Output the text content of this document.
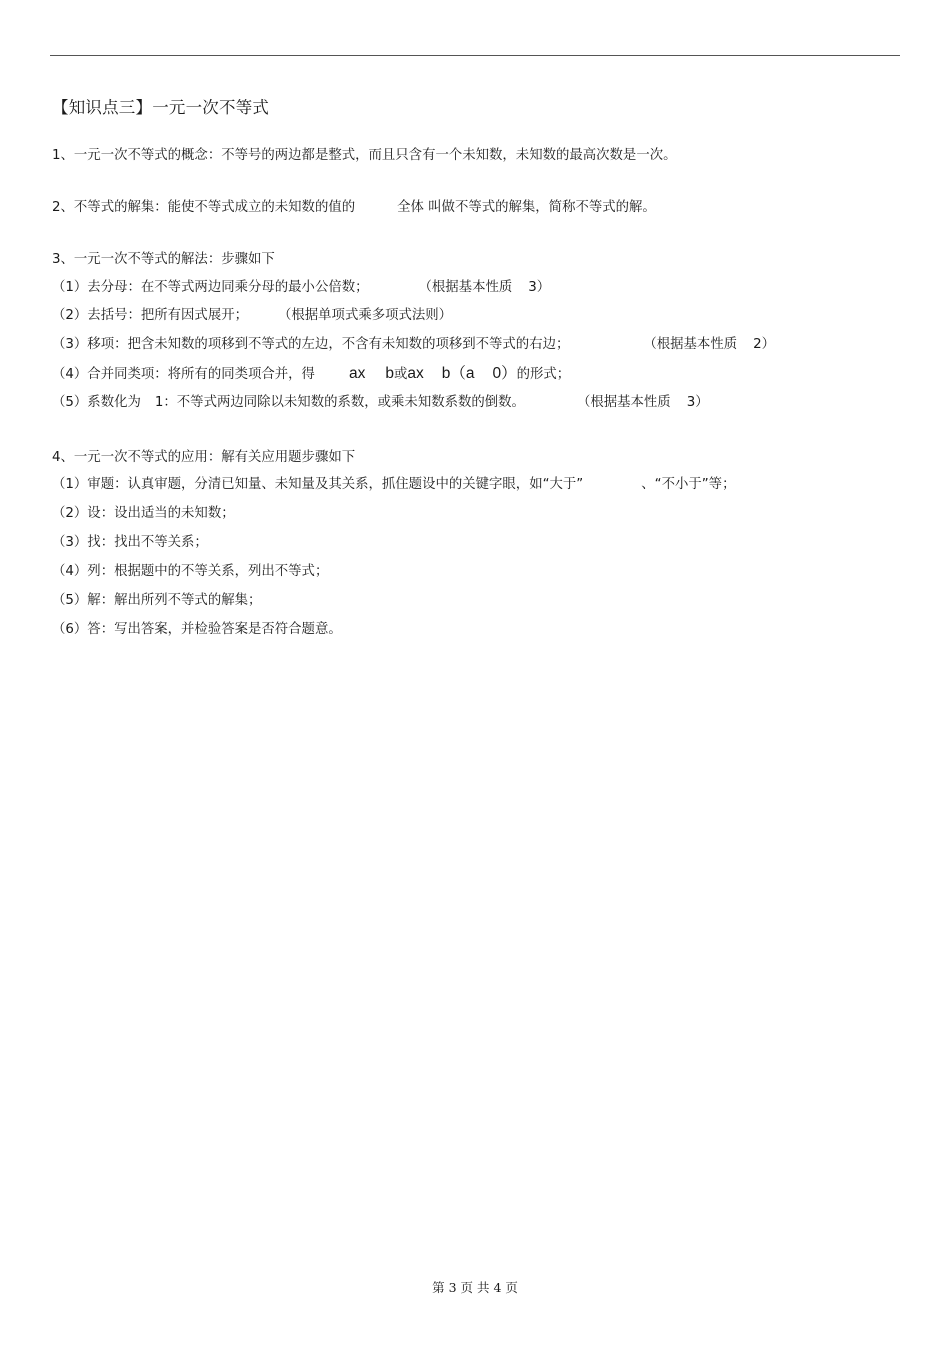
【知识点三】一元一次不等式
1、一元一次不等式的概念：不等号的两边都是整式，而且只含有一个未知数，未知数的最高次数是一次。
2、不等式的解集：能使不等式成立的未知数的值的	全体 叫做不等式的解集，简称不等式的解。
3、一元一次不等式的解法：步骤如下
（1）去分母：在不等式两边同乘分母的最小公倍数；	（根据基本性质 3）
（2）去括号：把所有因式展开； （根据单项式乘多项式法则）
（3）移项：把含未知数的项移到不等式的左边，不含有未知数的项移到不等式的右边；	（根据基本性质 2）
（4）合并同类项：将所有的同类项合并，得 ax b或ax b（a 0）的形式；
（5）系数化为 1：不等式两边同除以未知数的系数，或乘未知数系数的倒数。	（根据基本性质 3）
4、一元一次不等式的应用：解有关应用题步骤如下
（1）审题：认真审题，分清已知量、未知量及其关系，抓住题设中的关键字眼，如“大于”	、“不小于”等；
（2）设：设出适当的未知数；
（3）找：找出不等关系；
（4）列：根据题中的不等关系，列出不等式；
（5）解：解出所列不等式的解集；
（6）答：写出答案，并检验答案是否符合题意。
第 3 页 共 4 页
